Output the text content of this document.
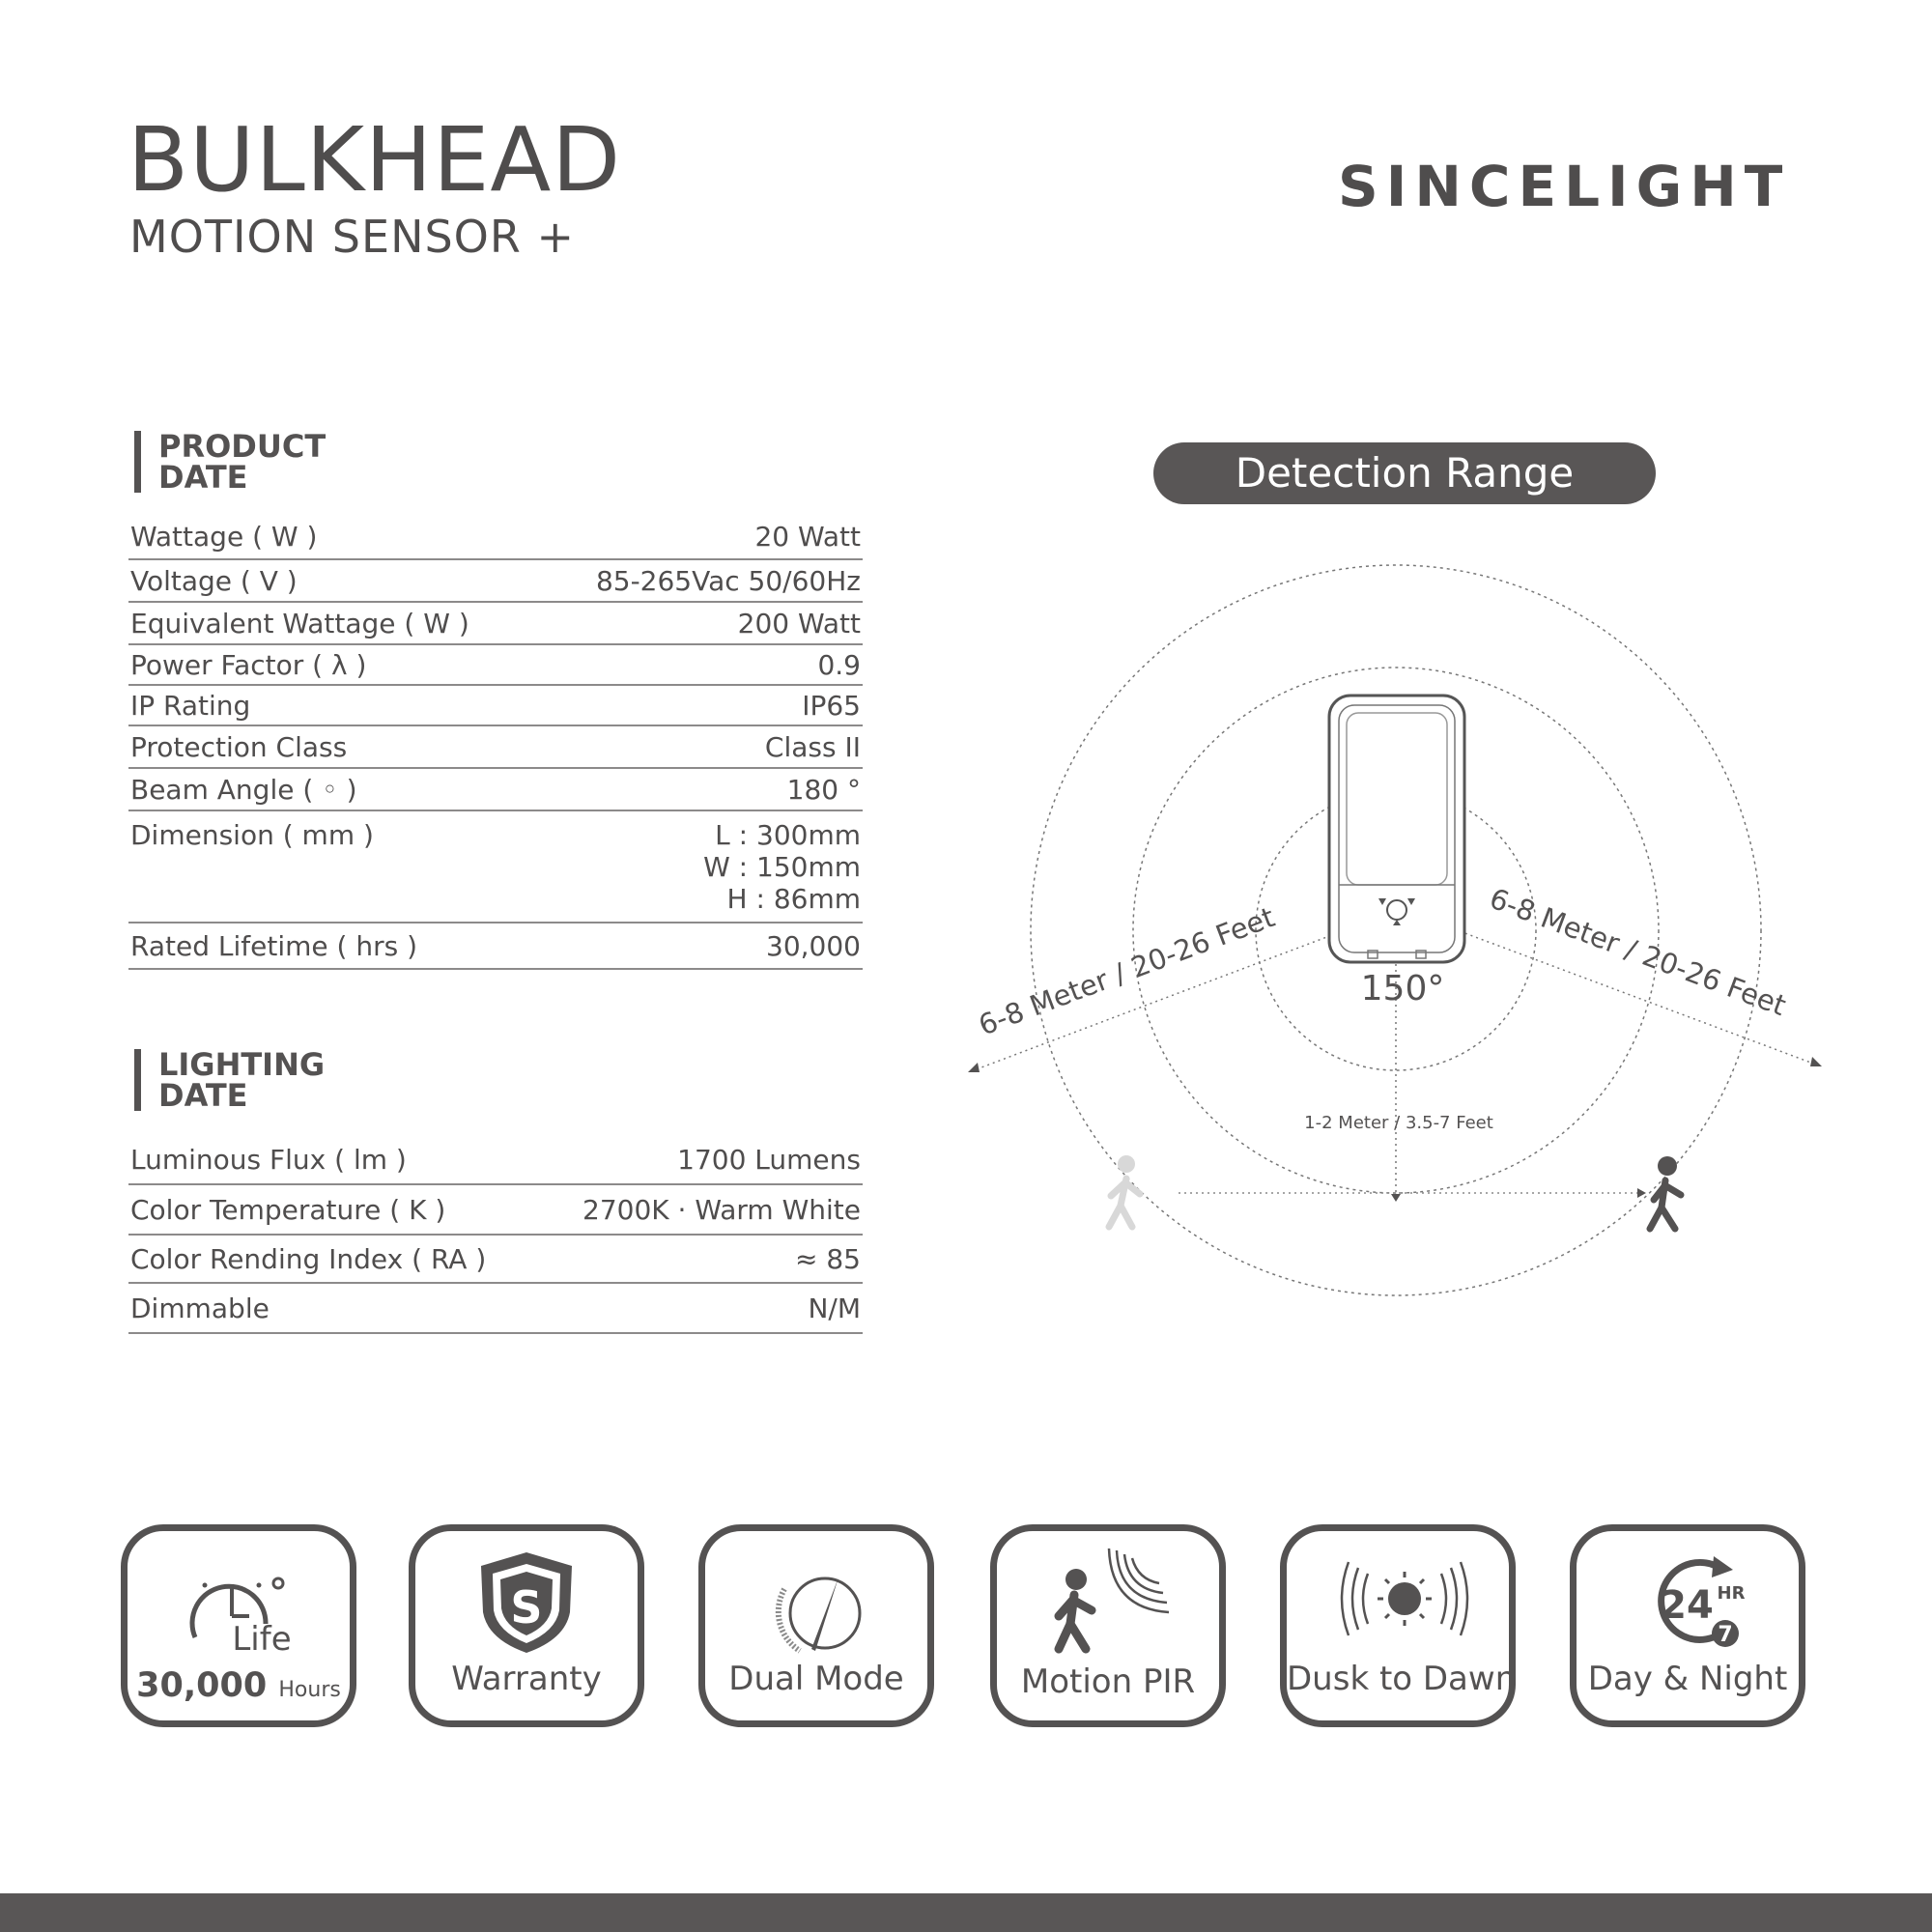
BULKHEAD
MOTION SENSOR +
SINCELIGHT
PRODUCT
DATE
Wattage ( W )	20 Watt
Voltage ( V )	85-265Vac 50/60Hz
Equivalent Wattage ( W )	200 Watt
Power Factor ( λ )	0.9
IP Rating	IP65
Protection Class	Class II
Beam Angle ( ◦ )	180 °
Dimension ( mm )	L : 300mm
W : 150mm
H : 86mm
Rated Lifetime ( hrs )	30,000
LIGHTING
DATE
Luminous Flux ( lm )	1700 Lumens
Color Temperature ( K )	2700K · Warm White
Color Rending Index ( RA )	≈ 85
Dimmable	N/M
Detection Range
6-8 Meter / 20-26 Feet	6-8 Meter / 20-26 Feet
150°
1-2 Meter / 3.5-7 Feet
Life
30,000 Hours
S
Warranty	Dual Mode	Motion PIR	Dusk to Dawn
24 HR
7
Day & Night
